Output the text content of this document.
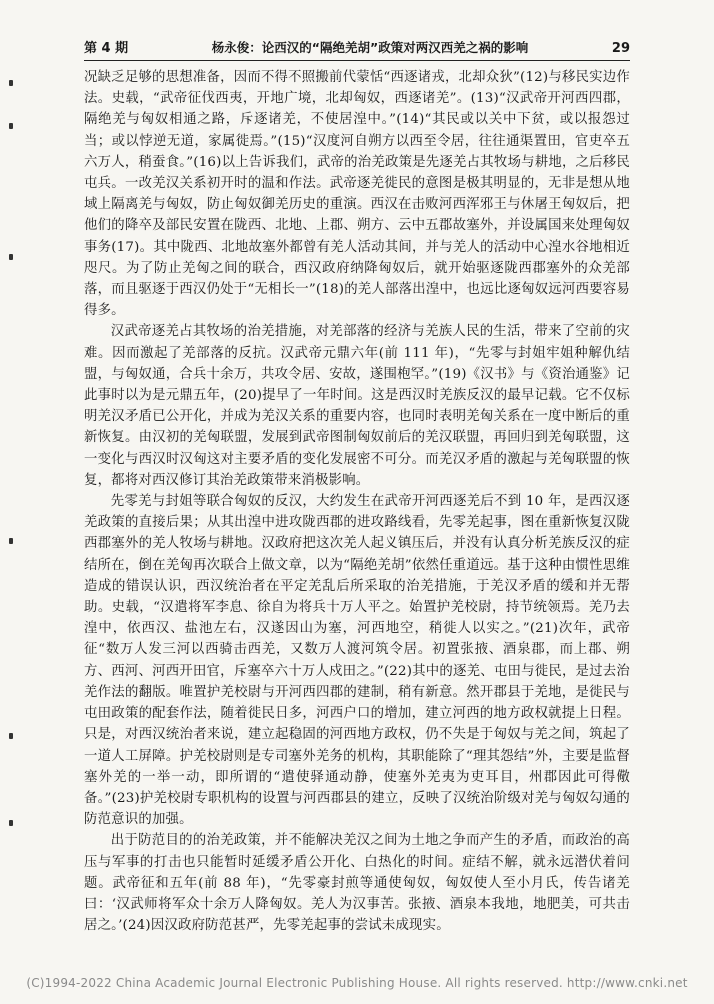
第 4 期	杨永俊：论西汉的“隔绝羌胡”政策对两汉西羌之祸的影响	29

况缺乏足够的思想准备，因而不得不照搬前代蒙恬“西逐诸戎，北却众狄”(12)与移民实边作法。史载，“武帝征伐西夷，开地广境，北却匈奴，西逐诸羌”。(13)“汉武帝开河西四郡，隔绝羌与匈奴相通之路，斥逐诸羌，不使居湟中。”(14)“其民或以关中下贫，或以报怨过当；或以悖逆无道，家属徙焉。”(15)“汉度河自朔方以西至令居，往往通渠置田，官吏卒五六万人，稍蚕食。”(16)以上告诉我们，武帝的治羌政策是先逐羌占其牧场与耕地，之后移民屯兵。一改羌汉关系初开时的温和作法。武帝逐羌徙民的意图是极其明显的，无非是想从地域上隔离羌与匈奴，防止匈奴御羌历史的重演。西汉在击败河西浑邪王与休屠王匈奴后，把他们的降卒及部民安置在陇西、北地、上郡、朔方、云中五郡故塞外，并设属国来处理匈奴事务(17)。其中陇西、北地故塞外都曾有羌人活动其间，并与羌人的活动中心湟水谷地相近咫尺。为了防止羌匈之间的联合，西汉政府纳降匈奴后，就开始驱逐陇西郡塞外的众羌部落，而且驱逐于西汉仍处于“无相长一”(18)的羌人部落出湟中，也远比逐匈奴远河西要容易得多。

汉武帝逐羌占其牧场的治羌措施，对羌部落的经济与羌族人民的生活，带来了空前的灾难。因而激起了羌部落的反抗。汉武帝元鼎六年(前 111 年)，“先零与封姐牢姐种解仇结盟，与匈奴通，合兵十余万，共攻令居、安故，遂围枹罕。”(19)《汉书》与《资治通鉴》记此事时以为是元鼎五年，(20)提早了一年时间。这是西汉时羌族反汉的最早记载。它不仅标明羌汉矛盾已公开化，并成为羌汉关系的重要内容，也同时表明羌匈关系在一度中断后的重新恢复。由汉初的羌匈联盟，发展到武帝图制匈奴前后的羌汉联盟，再回归到羌匈联盟，这一变化与西汉时汉匈这对主要矛盾的变化发展密不可分。而羌汉矛盾的激起与羌匈联盟的恢复，都将对西汉修订其治羌政策带来消极影响。

先零羌与封姐等联合匈奴的反汉，大约发生在武帝开河西逐羌后不到 10 年，是西汉逐羌政策的直接后果；从其出湟中进攻陇西郡的进攻路线看，先零羌起事，图在重新恢复汉陇西郡塞外的羌人牧场与耕地。汉政府把这次羌人起义镇压后，并没有认真分析羌族反汉的症结所在，倒在羌匈再次联合上做文章，以为“隔绝羌胡”依然任重道远。基于这种由惯性思维造成的错误认识，西汉统治者在平定羌乱后所采取的治羌措施，于羌汉矛盾的缓和并无帮助。史载，“汉遣将军李息、徐自为将兵十万人平之。始置护羌校尉，持节统领焉。羌乃去湟中，依西汉、盐池左右，汉遂因山为塞，河西地空，稍徙人以实之。”(21)次年，武帝征“数万人发三河以西骑击西羌，又数万人渡河筑令居。初置张掖、酒泉郡，而上郡、朔方、西河、河西开田官，斥塞卒六十万人戍田之。”(22)其中的逐羌、屯田与徙民，是过去治羌作法的翻版。唯置护羌校尉与开河西四郡的建制，稍有新意。然开郡县于羌地，是徙民与屯田政策的配套作法，随着徙民日多，河西户口的增加，建立河西的地方政权就提上日程。只是，对西汉统治者来说，建立起稳固的河西地方政权，仍不失是于匈奴与羌之间，筑起了一道人工屏障。护羌校尉则是专司塞外羌务的机构，其职能除了“理其怨结”外，主要是监督塞外羌的一举一动，即所谓的“遣使驿通动静，使塞外羌夷为吏耳目，州郡因此可得儆备。”(23)护羌校尉专职机构的设置与河西郡县的建立，反映了汉统治阶级对羌与匈奴勾通的防范意识的加强。

出于防范目的的治羌政策，并不能解决羌汉之间为土地之争而产生的矛盾，而政治的高压与军事的打击也只能暂时延缓矛盾公开化、白热化的时间。症结不解，就永远潜伏着问题。武帝征和五年(前 88 年)，“先零豪封煎等通使匈奴，匈奴使人至小月氏，传告诸羌曰：‘汉武师将军众十余万人降匈奴。羌人为汉事苦。张掖、酒泉本我地，地肥美，可共击居之。’(24)因汉政府防范甚严，先零羌起事的尝试未成现实。

(C)1994-2022 China Academic Journal Electronic Publishing House. All rights reserved. http://www.cnki.net
